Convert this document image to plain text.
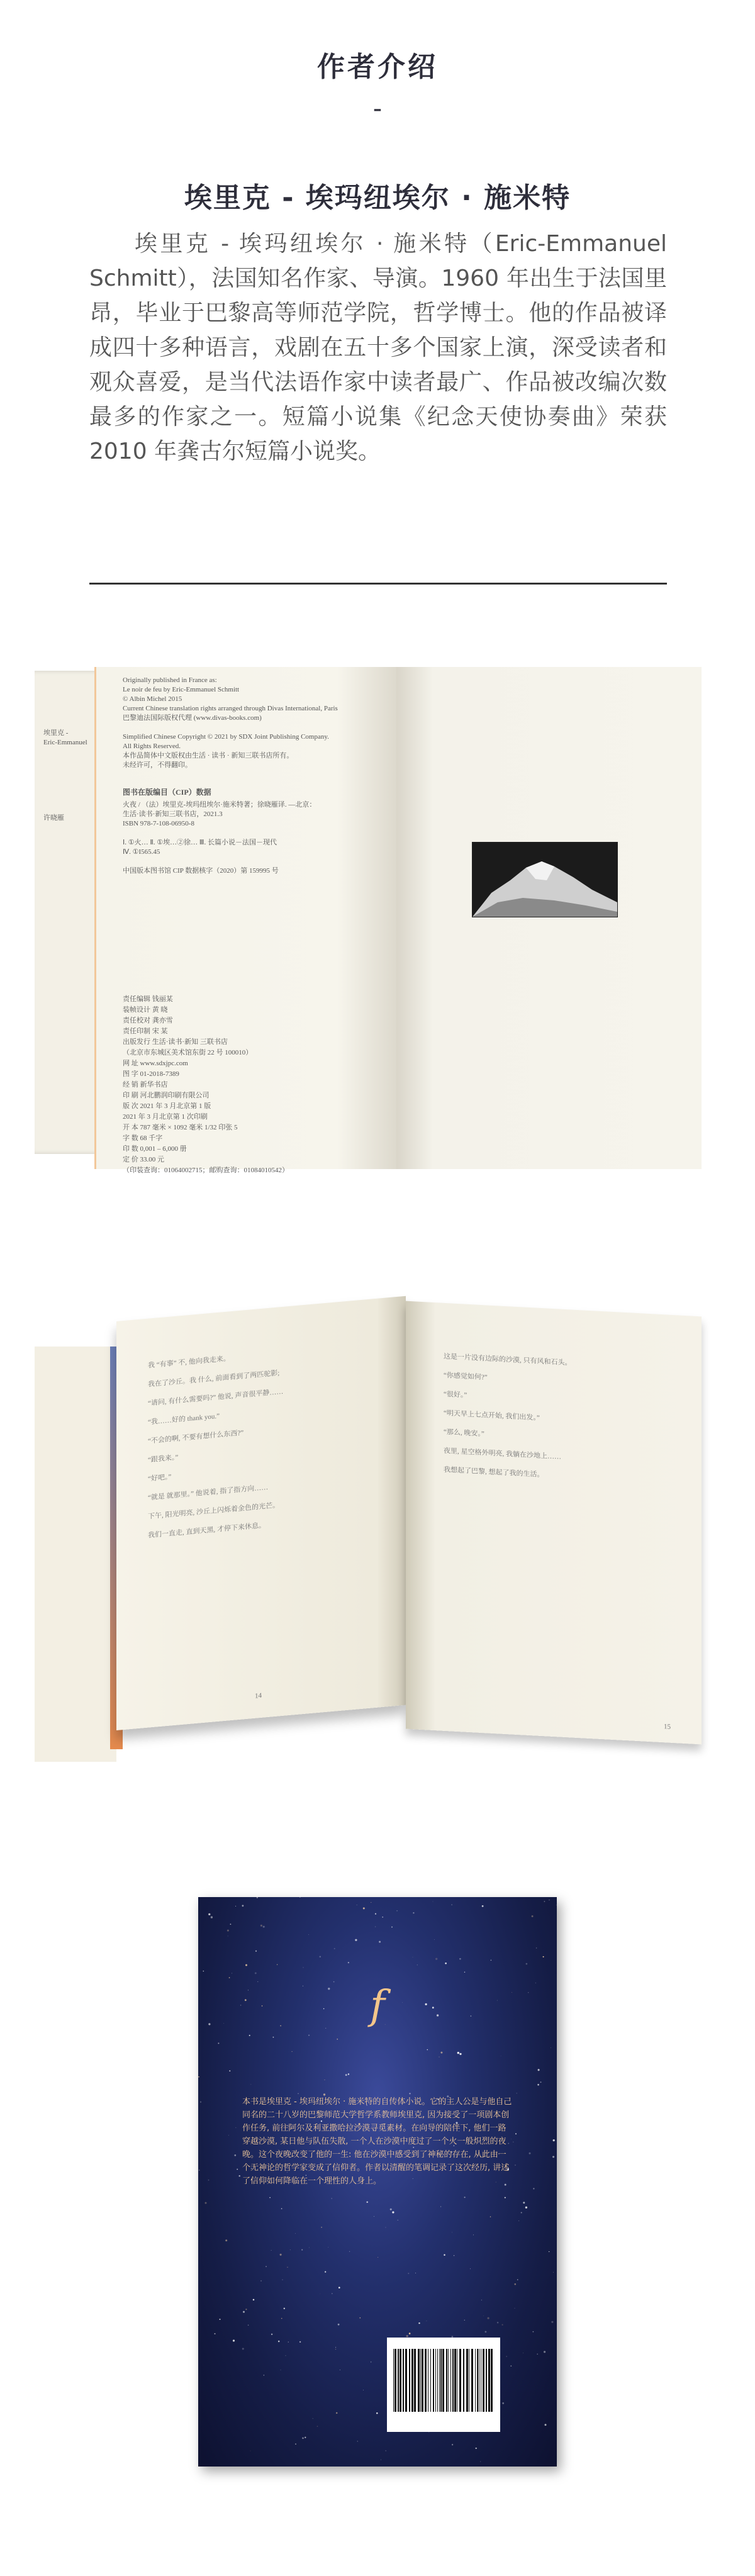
作者介绍
-
埃里克 - 埃玛纽埃尔 · 施米特
埃里克 - 埃玛纽埃尔 · 施米特（Eric-Emmanuel Schmitt），法国知名作家、导演。1960 年出生于法国里昂，毕业于巴黎高等师范学院，哲学博士。他的作品被译成四十多种语言，戏剧在五十多个国家上演，深受读者和观众喜爱，是当代法语作家中读者最广、作品被改编次数最多的作家之一。短篇小说集《纪念天使协奏曲》荣获 2010 年龚古尔短篇小说奖。
埃里克 -
Eric-Emmanuel

许晓雁
Originally published in France as:
Le noir de feu by Eric-Emmanuel Schmitt
© Albin Michel 2015
Current Chinese translation rights arranged through Divas International, Paris
巴黎迪法国际版权代理 (www.divas-books.com)

Simplified Chinese Copyright © 2021 by SDX Joint Publishing Company.
All Rights Reserved.
本作品简体中文版权由生活 · 读书 · 新知三联书店所有。
未经许可，不得翻印。
图书在版编目（CIP）数据
火夜 / （法）埃里克-埃玛纽埃尔·施米特著；徐晓雁译. —北京：
生活·读书·新知三联书店，2021.3
ISBN 978-7-108-06950-8

Ⅰ. ①火… Ⅱ. ①埃…②徐… Ⅲ. 长篇小说－法国－现代
Ⅳ. ①I565.45

中国版本图书馆 CIP 数据核字（2020）第 159995 号
责任编辑 钱丽某
装帧设计 黄 晓
责任校对 龚亦雪
责任印制 宋 某
出版发行 生活·读书·新知 三联书店
（北京市东城区美术馆东街 22 号 100010）
网 址 www.sdxjpc.com
图 字 01-2018-7389
经 销 新华书店
印 刷 河北鹏润印刷有限公司
版 次 2021 年 3 月北京第 1 版
2021 年 3 月北京第 1 次印刷
开 本 787 毫米 × 1092 毫米 1/32 印张 5
字 数 68 千字
印 数 0,001 – 6,000 册
定 价 33.00 元
（印装查询：01064002715；邮购查询：01084010542）
我 “有事” 不, 他向我走来。
我在了沙丘。我 什么, 前面看到了两匹驼影;
“请问, 有什么需要吗?” 他说, 声音很平静……
“我……好的 thank you.”
“不会的啊, 不要有想什么东西?”
“跟我来。”
“好吧。”
“就是 就那里。” 他说着, 指了指方向……
下午, 阳光明亮, 沙丘上闪烁着金色的光芒。
我们一直走, 直到天黑, 才停下来休息。
14
这是一片没有边际的沙漠, 只有风和石头。
“你感觉如何?”
“很好。”
“明天早上七点开始, 我们出发。”
“那么, 晚安。”
夜里, 星空格外明亮, 我躺在沙地上……
我想起了巴黎, 想起了我的生活。
15
f
本书是埃里克 - 埃玛纽埃尔 · 施米特的自传体小说。它的主人公是与他自己同名的二十八岁的巴黎师范大学哲学系教师埃里克, 因为接受了一项剧本创作任务, 前往阿尔及利亚撒哈拉沙漠寻觅素材。在向导的陪伴下, 他们一路穿越沙漠, 某日他与队伍失散, 一个人在沙漠中度过了一个火一般炽烈的夜晚。这个夜晚改变了他的一生: 他在沙漠中感受到了神秘的存在, 从此由一个无神论的哲学家变成了信仰者。作者以清醒的笔调记录了这次经历, 讲述了信仰如何降临在一个理性的人身上。
